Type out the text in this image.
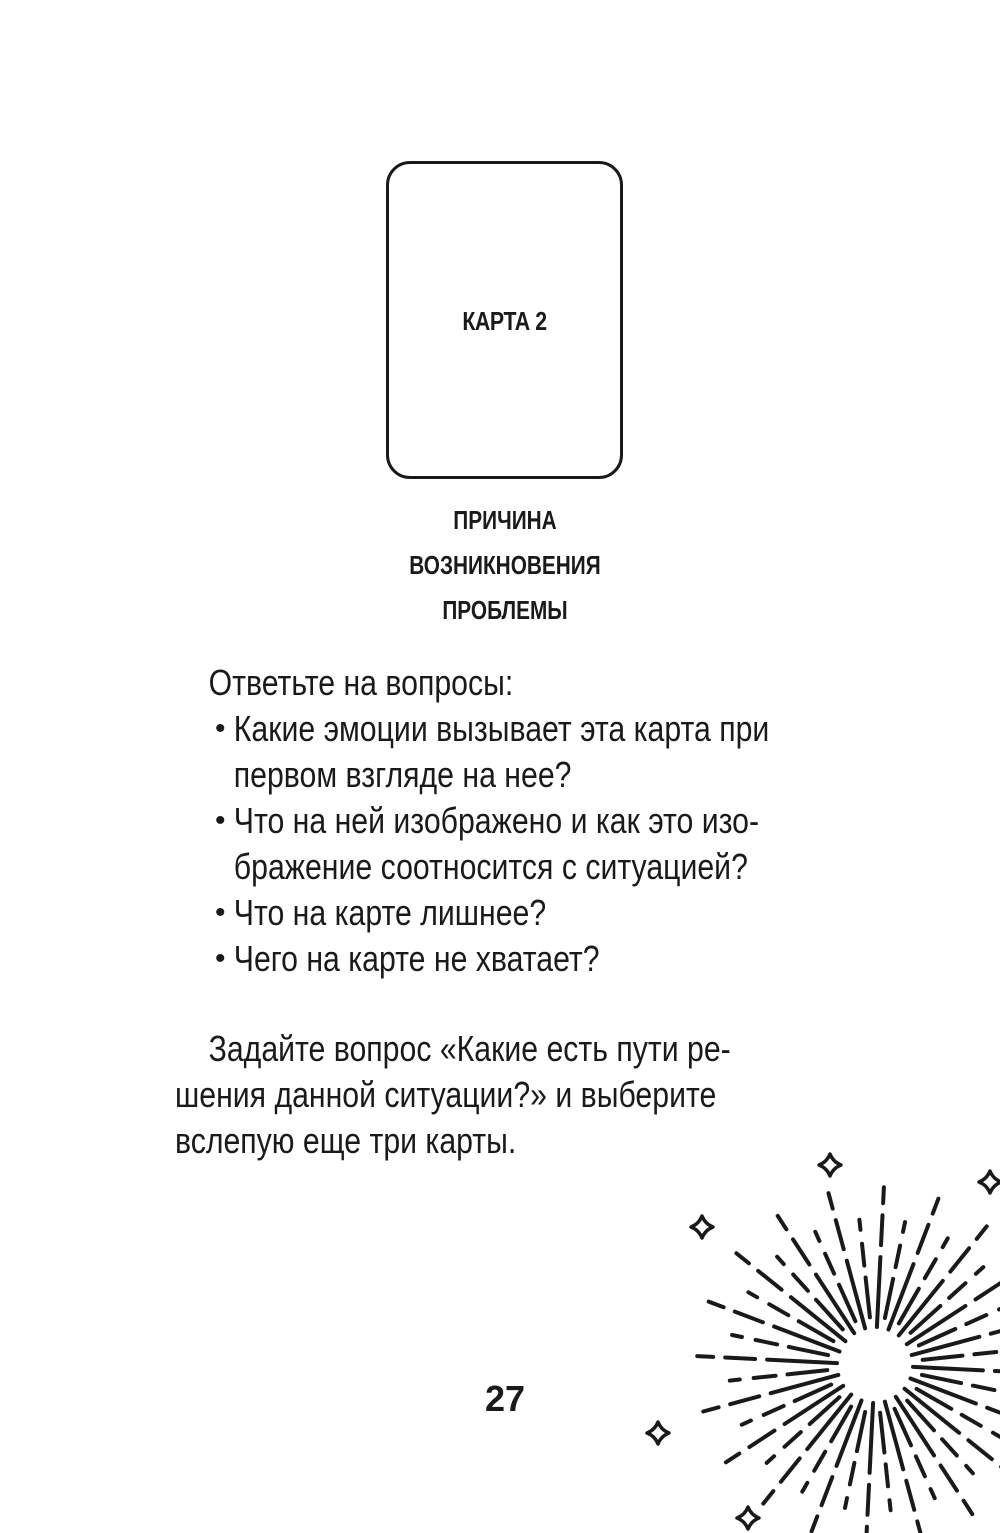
КАРТА 2
ПРИЧИНА
ВОЗНИКНОВЕНИЯ
ПРОБЛЕМЫ
Ответьте на вопросы:
• Какие эмоции вызывает эта карта при
первом взгляде на нее?
• Что на ней изображено и как это изо-
бражение соотносится с ситуацией?
• Что на карте лишнее?
• Чего на карте не хватает?
Задайте вопрос «Какие есть пути ре-
шения данной ситуации?» и выберите
вслепую еще три карты.
27
